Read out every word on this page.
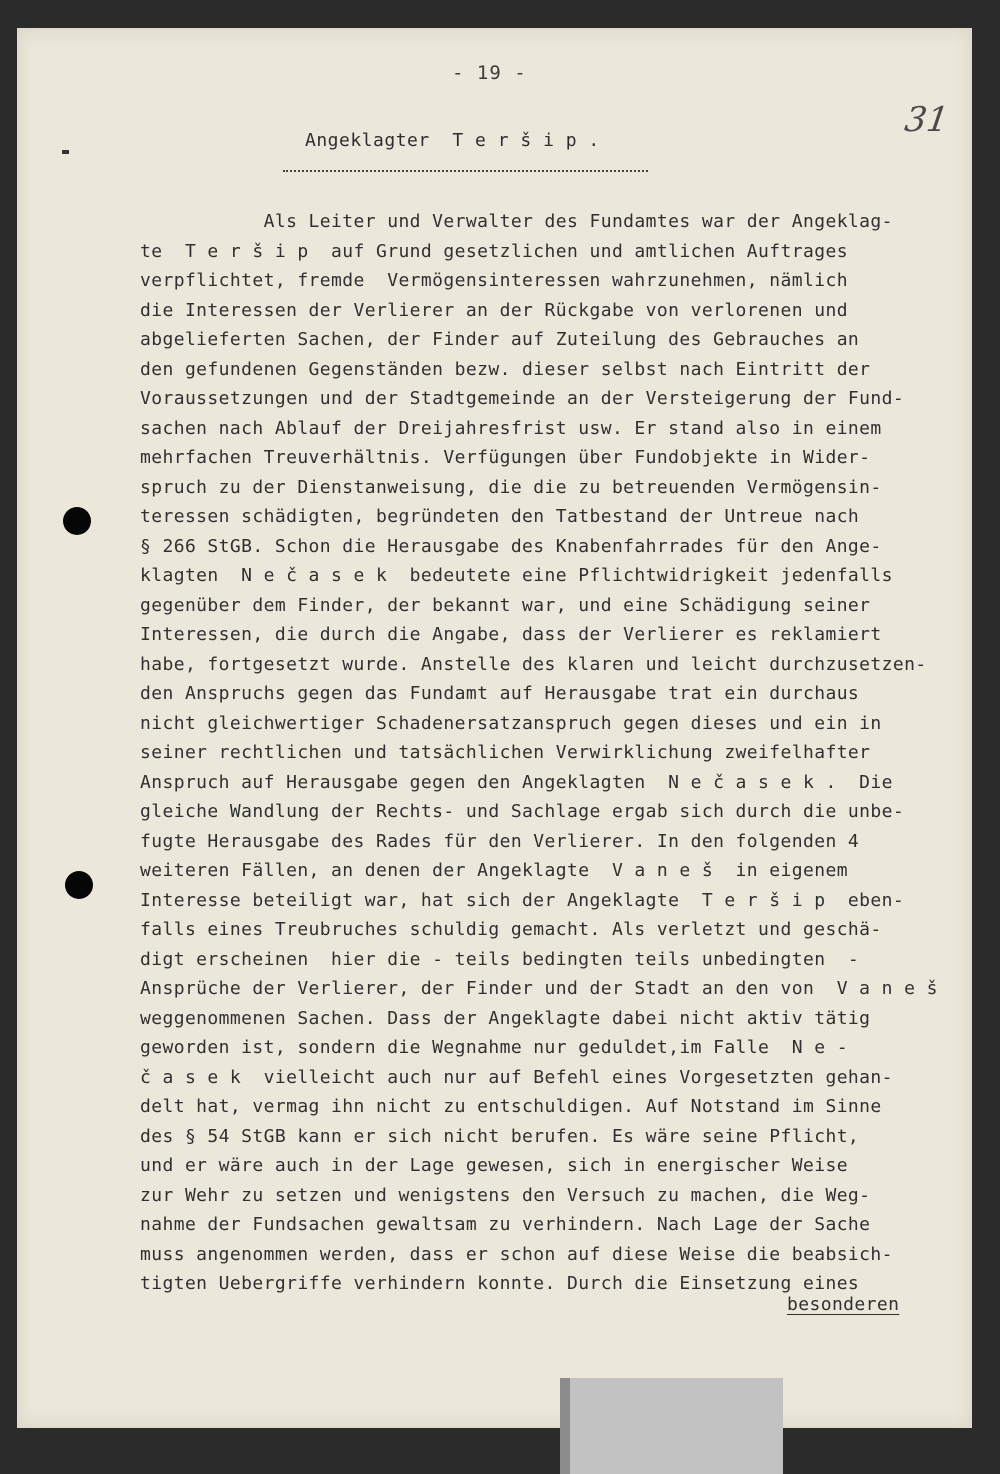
- 19 -
31
Angeklagter  T e r š i p .
Als Leiter und Verwalter des Fundamtes war der Angeklag-
te  T e r š i p  auf Grund gesetzlichen und amtlichen Auftrages
verpflichtet, fremde  Vermögensinteressen wahrzunehmen, nämlich
die Interessen der Verlierer an der Rückgabe von verlorenen und
abgelieferten Sachen, der Finder auf Zuteilung des Gebrauches an
den gefundenen Gegenständen bezw. dieser selbst nach Eintritt der
Voraussetzungen und der Stadtgemeinde an der Versteigerung der Fund-
sachen nach Ablauf der Dreijahresfrist usw. Er stand also in einem
mehrfachen Treuverhältnis. Verfügungen über Fundobjekte in Wider-
spruch zu der Dienstanweisung, die die zu betreuenden Vermögensin-
teressen schädigten, begründeten den Tatbestand der Untreue nach
§ 266 StGB. Schon die Herausgabe des Knabenfahrrades für den Ange-
klagten  N e č a s e k  bedeutete eine Pflichtwidrigkeit jedenfalls
gegenüber dem Finder, der bekannt war, und eine Schädigung seiner
Interessen, die durch die Angabe, dass der Verlierer es reklamiert
habe, fortgesetzt wurde. Anstelle des klaren und leicht durchzusetzen-
den Anspruchs gegen das Fundamt auf Herausgabe trat ein durchaus
nicht gleichwertiger Schadenersatzanspruch gegen dieses und ein in
seiner rechtlichen und tatsächlichen Verwirklichung zweifelhafter
Anspruch auf Herausgabe gegen den Angeklagten  N e č a s e k .  Die
gleiche Wandlung der Rechts- und Sachlage ergab sich durch die unbe-
fugte Herausgabe des Rades für den Verlierer. In den folgenden 4
weiteren Fällen, an denen der Angeklagte  V a n e š  in eigenem
Interesse beteiligt war, hat sich der Angeklagte  T e r š i p  eben-
falls eines Treubruches schuldig gemacht. Als verletzt und geschä-
digt erscheinen  hier die - teils bedingten teils unbedingten  -
Ansprüche der Verlierer, der Finder und der Stadt an den von  V a n e š
weggenommenen Sachen. Dass der Angeklagte dabei nicht aktiv tätig
geworden ist, sondern die Wegnahme nur geduldet,im Falle  N e -
č a s e k  vielleicht auch nur auf Befehl eines Vorgesetzten gehan-
delt hat, vermag ihn nicht zu entschuldigen. Auf Notstand im Sinne
des § 54 StGB kann er sich nicht berufen. Es wäre seine Pflicht,
und er wäre auch in der Lage gewesen, sich in energischer Weise
zur Wehr zu setzen und wenigstens den Versuch zu machen, die Weg-
nahme der Fundsachen gewaltsam zu verhindern. Nach Lage der Sache
muss angenommen werden, dass er schon auf diese Weise die beabsich-
tigten Uebergriffe verhindern konnte. Durch die Einsetzung eines
besonderen
